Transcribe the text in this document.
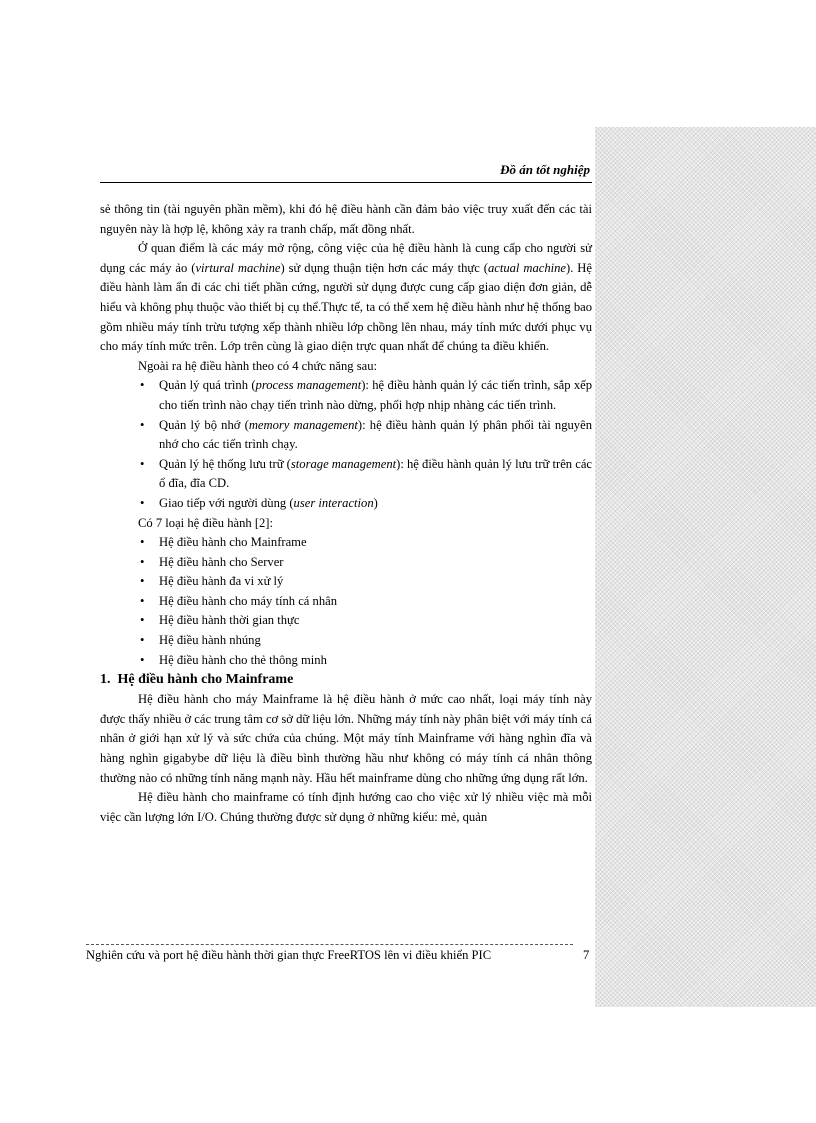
Đồ án tốt nghiệp

sẻ thông tin (tài nguyên phần mềm), khi đó hệ điều hành cần đảm bảo việc truy xuất đến các tài nguyên này là hợp lệ, không xảy ra tranh chấp, mất đồng nhất.

Ở quan điểm là các máy mở rộng, công việc của hệ điều hành là cung cấp cho người sử dụng các máy ảo (virtural machine) sử dụng thuận tiện hơn các máy thực (actual machine). Hệ điều hành làm ẩn đi các chi tiết phần cứng, người sử dụng được cung cấp giao diện đơn giản, dễ hiểu và không phụ thuộc vào thiết bị cụ thể.Thực tế, ta có thể xem hệ điều hành như hệ thống bao gồm nhiều máy tính trừu tượng xếp thành nhiều lớp chồng lên nhau, máy tính mức dưới phục vụ cho máy tính mức trên. Lớp trên cùng là giao diện trực quan nhất để chúng ta điều khiển.

Ngoài ra hệ điều hành theo có 4 chức năng sau:

• Quản lý quá trình (process management): hệ điều hành quản lý các tiến trình, sắp xếp cho tiến trình nào chạy tiến trình nào dừng, phối hợp nhịp nhàng các tiến trình.
• Quản lý bộ nhớ (memory management): hệ điều hành quản lý phân phối tài nguyên nhớ cho các tiến trình chạy.
• Quản lý hệ thống lưu trữ (storage management): hệ điều hành quản lý lưu trữ trên các ổ đĩa, đĩa CD.
• Giao tiếp với người dùng (user interaction)

Có 7 loại hệ điều hành [2]:

• Hệ điều hành cho Mainframe
• Hệ điều hành cho Server
• Hệ điều hành đa vi xử lý
• Hệ điều hành cho máy tính cá nhân
• Hệ điều hành thời gian thực
• Hệ điều hành nhúng
• Hệ điều hành cho thẻ thông minh

1.  Hệ điều hành cho Mainframe

Hệ điều hành cho máy Mainframe là hệ điều hành ở mức cao nhất, loại máy tính này được thấy nhiều ở các trung tâm cơ sở dữ liệu lớn. Những máy tính này phân biệt với máy tính cá nhân ở giới hạn xử lý và sức chứa của chúng. Một máy tính Mainframe với hàng nghìn đĩa và hàng nghìn gigabybe dữ liệu là điều bình thường hầu như không có máy tính cá nhân thông thường nào có những tính năng mạnh này. Hầu hết mainframe dùng cho những ứng dụng rất lớn.

Hệ điều hành cho mainframe có tính định hướng cao cho việc xử lý nhiều việc mà mỗi việc cần lượng lớn I/O. Chúng thường được sử dụng ở những kiểu: mẻ, quản

Nghiên cứu và port hệ điều hành thời gian thực FreeRTOS lên vi điều khiển PIC	7
